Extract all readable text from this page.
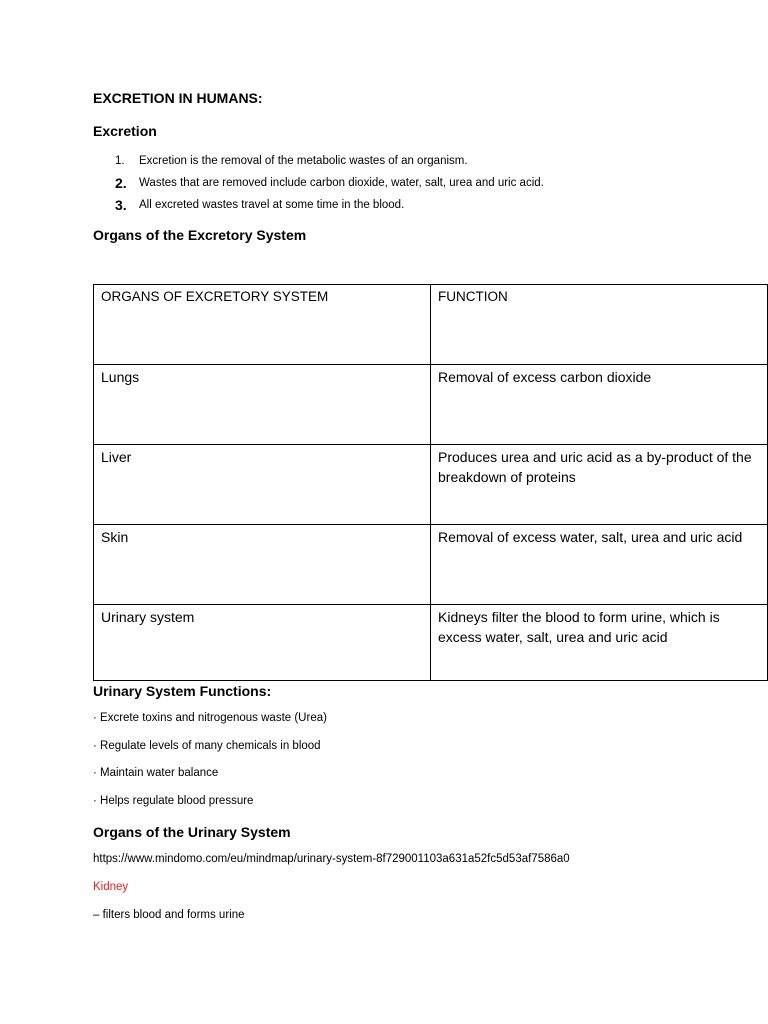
EXCRETION IN HUMANS:
Excretion
1.	Excretion is the removal of the metabolic wastes of an organism.
2.	Wastes that are removed include carbon dioxide, water, salt, urea and uric acid.
3.	All excreted wastes travel at some time in the blood.
Organs of the Excretory System
ORGANS OF EXCRETORY SYSTEM	FUNCTION
Lungs	Removal of excess carbon dioxide
Liver	Produces urea and uric acid as a by-product of the breakdown of proteins
Skin	Removal of excess water, salt, urea and uric acid
Urinary system	Kidneys filter the blood to form urine, which is excess water, salt, urea and uric acid
Urinary System Functions:
· Excrete toxins and nitrogenous waste (Urea)
· Regulate levels of many chemicals in blood
· Maintain water balance
· Helps regulate blood pressure
Organs of the Urinary System
https://www.mindomo.com/eu/mindmap/urinary-system-8f729001103a631a52fc5d53af7586a0
Kidney
– filters blood and forms urine
